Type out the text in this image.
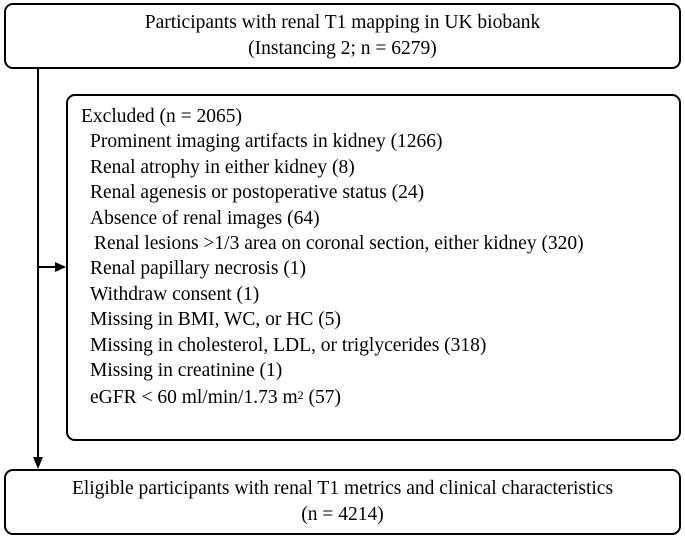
Participants with renal T1 mapping in UK biobank
(Instancing 2; n = 6279)
Excluded (n = 2065)
Prominent imaging artifacts in kidney (1266)
Renal atrophy in either kidney (8)
Renal agenesis or postoperative status (24)
Absence of renal images (64)
Renal lesions >1/3 area on coronal section, either kidney (320)
Renal papillary necrosis (1)
Withdraw consent (1)
Missing in BMI, WC, or HC (5)
Missing in cholesterol, LDL, or triglycerides (318)
Missing in creatinine (1)
eGFR < 60 ml/min/1.73 $m^2$ (57)
Eligible participants with renal T1 metrics and clinical characteristics
(n = 4214)
